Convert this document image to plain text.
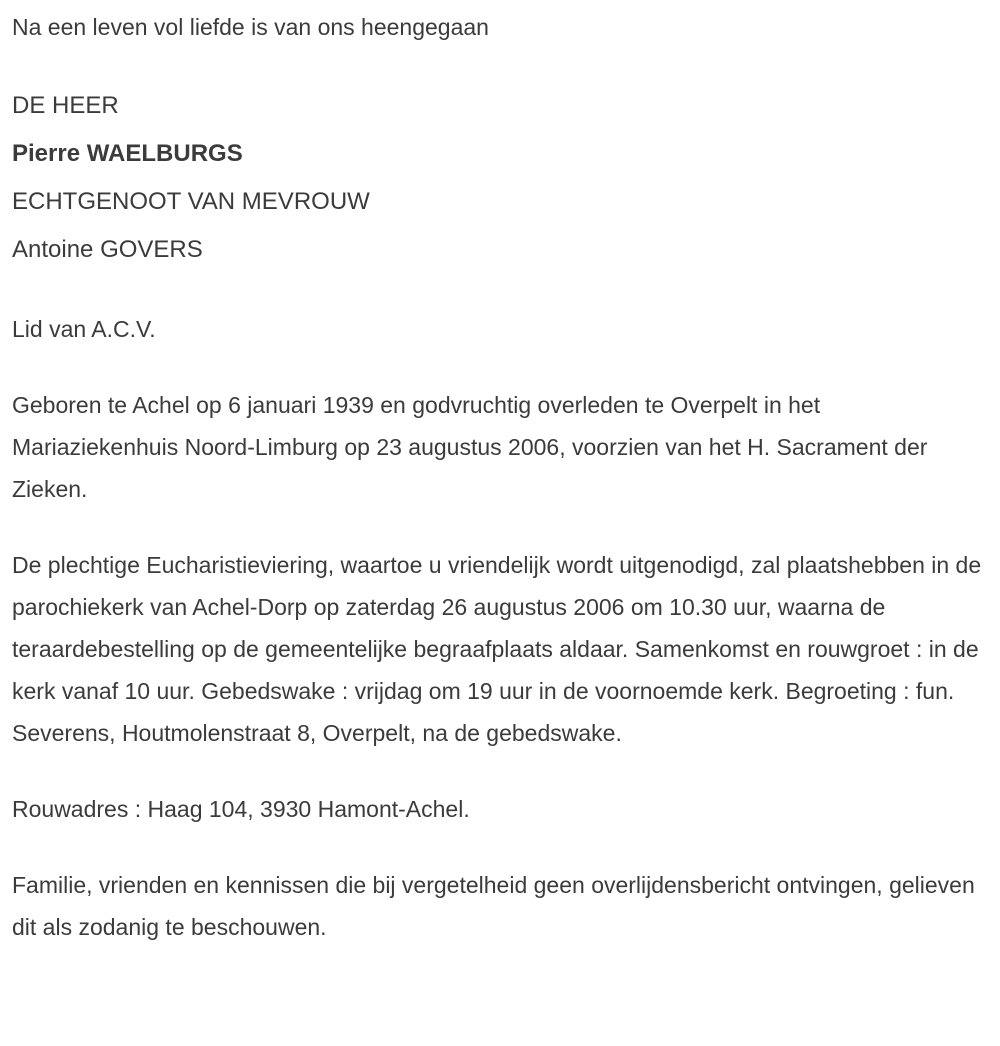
Na een leven vol liefde is van ons heengegaan

DE HEER

Pierre WAELBURGS

ECHTGENOOT VAN MEVROUW

Antoine GOVERS

Lid van A.C.V.

Geboren te Achel op 6 januari 1939 en godvruchtig overleden te Overpelt in het Mariaziekenhuis Noord-Limburg op 23 augustus 2006, voorzien van het H. Sacrament der Zieken.

De plechtige Eucharistieviering, waartoe u vriendelijk wordt uitgenodigd, zal plaatshebben in de parochiekerk van Achel-Dorp op zaterdag 26 augustus 2006 om 10.30 uur, waarna de teraardebestelling op de gemeentelijke begraafplaats aldaar. Samenkomst en rouwgroet : in de kerk vanaf 10 uur. Gebedswake : vrijdag om 19 uur in de voornoemde kerk. Begroeting : fun. Severens, Houtmolenstraat 8, Overpelt, na de gebedswake.

Rouwadres : Haag 104, 3930 Hamont-Achel.

Familie, vrienden en kennissen die bij vergetelheid geen overlijdensbericht ontvingen, gelieven dit als zodanig te beschouwen.
